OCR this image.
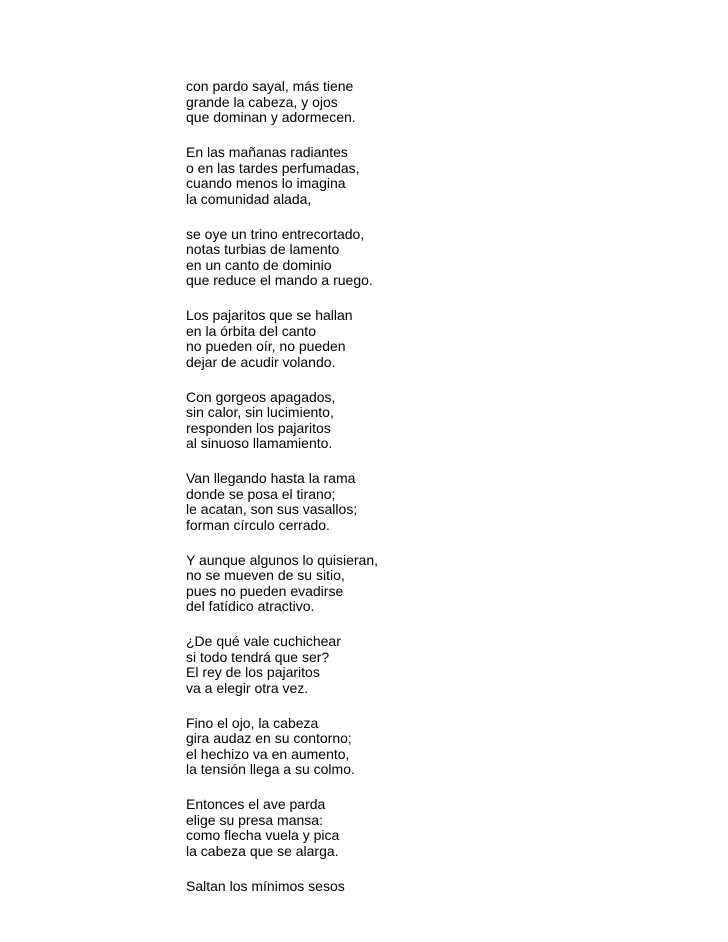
con pardo sayal, más tiene
grande la cabeza, y ojos
que dominan y adormecen.
En las mañanas radiantes
o en las tardes perfumadas,
cuando menos lo imagina
la comunidad alada,
se oye un trino entrecortado,
notas turbias de lamento
en un canto de dominio
que reduce el mando a ruego.
Los pajaritos que se hallan
en la órbita del canto
no pueden oír, no pueden
dejar de acudir volando.
Con gorgeos apagados,
sin calor, sin lucimiento,
responden los pajaritos
al sinuoso llamamiento.
Van llegando hasta la rama
donde se posa el tirano;
le acatan, son sus vasallos;
forman círculo cerrado.
Y aunque algunos lo quisieran,
no se mueven de su sitio,
pues no pueden evadirse
del fatídico atractivo.
¿De qué vale cuchichear
si todo tendrá que ser?
El rey de los pajaritos
va a elegir otra vez.
Fino el ojo, la cabeza
gira audaz en su contorno;
el hechizo va en aumento,
la tensión llega a su colmo.
Entonces el ave parda
elige su presa mansa:
como flecha vuela y pica
la cabeza que se alarga.
Saltan los mínimos sesos
